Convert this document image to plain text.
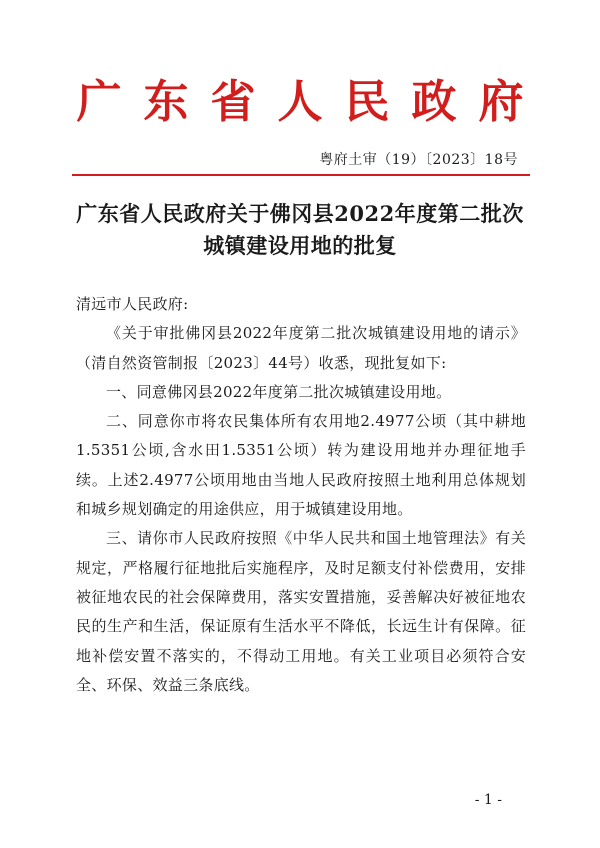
广东省人民政府
粤府土审（19）〔2023〕18号
广东省人民政府关于佛冈县2022年度第二批次
城镇建设用地的批复

清远市人民政府:

《关于审批佛冈县2022年度第二批次城镇建设用地的请示》（清自然资管制报〔2023〕44号）收悉，现批复如下:

一、同意佛冈县2022年度第二批次城镇建设用地。

二、同意你市将农民集体所有农用地2.4977公顷（其中耕地1.5351公顷,含水田1.5351公顷）转为建设用地并办理征地手续。上述2.4977公顷用地由当地人民政府按照土地利用总体规划和城乡规划确定的用途供应，用于城镇建设用地。

三、请你市人民政府按照《中华人民共和国土地管理法》有关规定，严格履行征地批后实施程序，及时足额支付补偿费用，安排被征地农民的社会保障费用，落实安置措施，妥善解决好被征地农民的生产和生活，保证原有生活水平不降低，长远生计有保障。征地补偿安置不落实的，不得动工用地。有关工业项目必须符合安全、环保、效益三条底线。

- 1 -
